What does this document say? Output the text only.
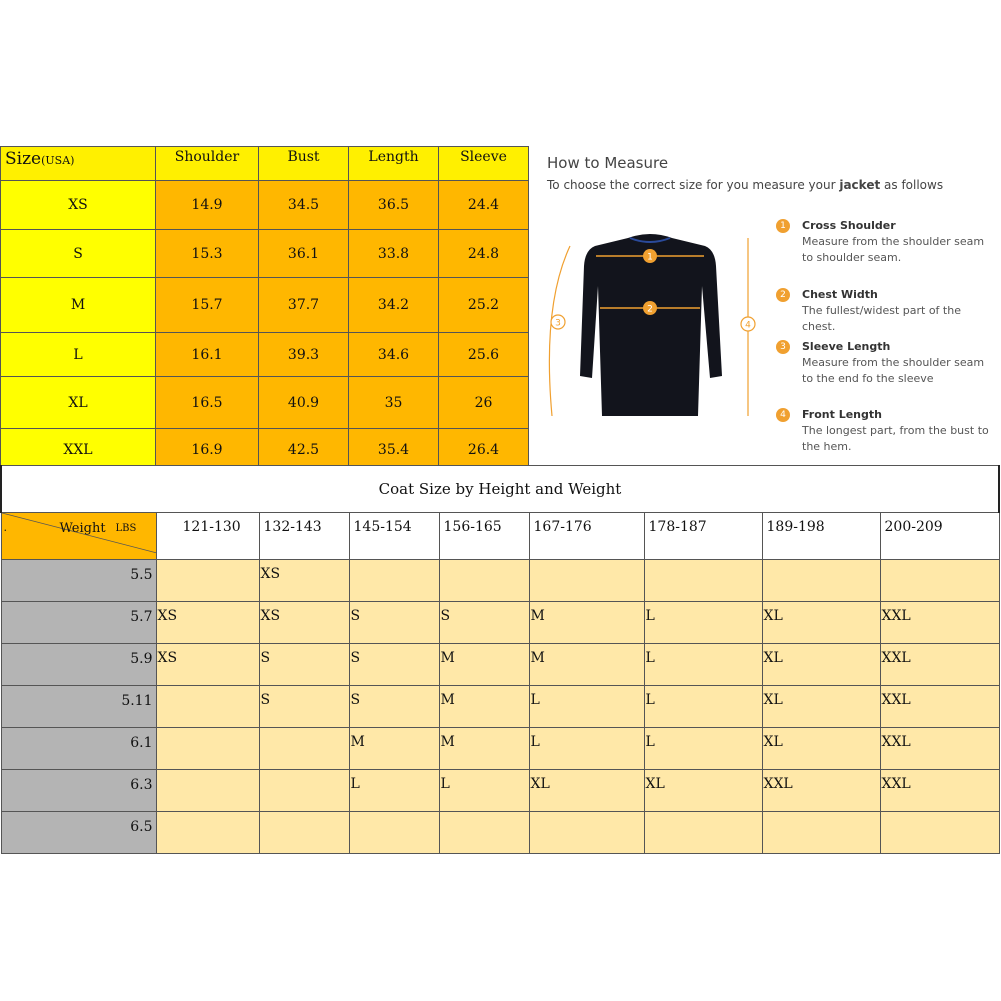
Size(USA)	Shoulder	Bust	Length	Sleeve
XS	14.9	34.5	36.5	24.4
S	15.3	36.1	33.8	24.8
M	15.7	37.7	34.2	25.2
L	16.1	39.3	34.6	25.6
XL	16.5	40.9	35	26
XXL	16.9	42.5	35.4	26.4
How to Measure
To choose the correct size for you measure your jacket as follows
1
2
3	4
1	Cross Shoulder
Measure from the shoulder seam to shoulder seam.
2	Chest Width
The fullest/widest part of the chest.
3	Sleeve Length
Measure from the shoulder seam to the end fo the sleeve
4	Front Length
The longest part, from the bust to the hem.
Coat Size by Height and Weight								

. Weight LBS	121-130	132-143	145-154	156-165	167-176	178-187	189-198	200-209
5.5		XS						
5.7	XS	XS	S	S	M	L	XL	XXL
5.9	XS	S	S	M	M	L	XL	XXL
5.11		S	S	M	L	L	XL	XXL
6.1			M	M	L	L	XL	XXL
6.3			L	L	XL	XL	XXL	XXL
6.5								
